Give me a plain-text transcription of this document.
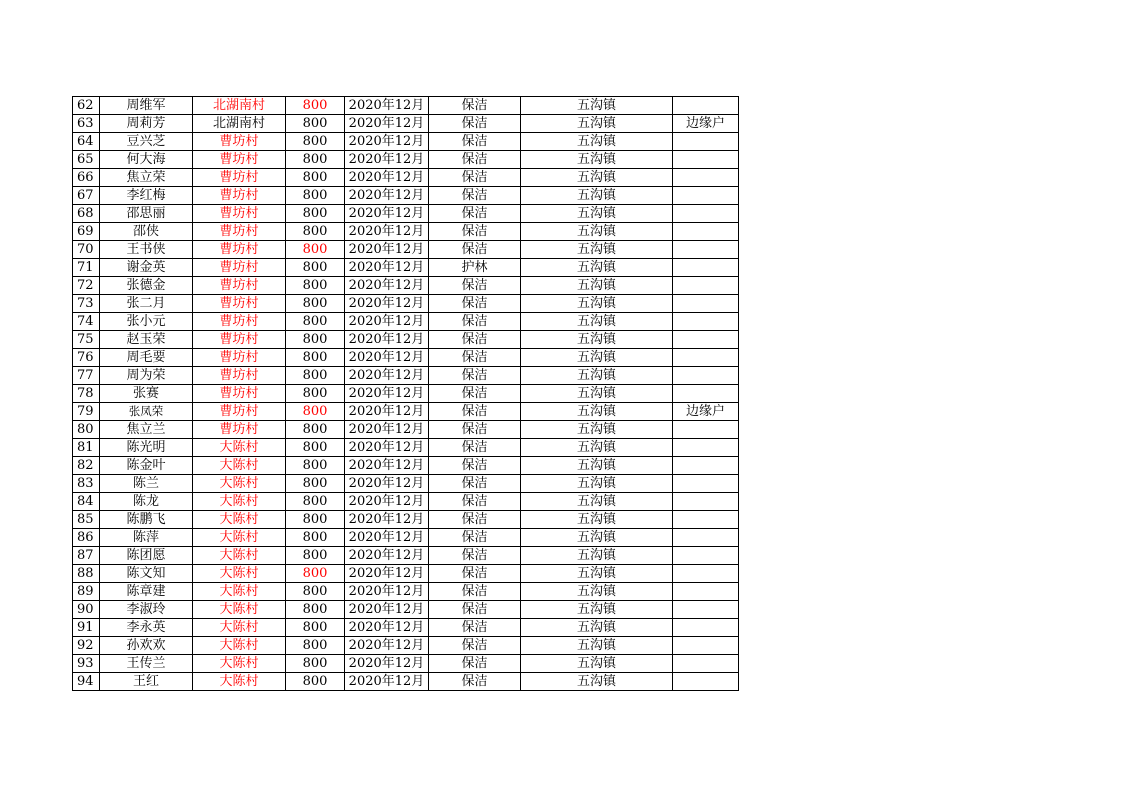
62	周维军	北湖南村	800	2020年12月	保洁	五沟镇	
63	周莉芳	北湖南村	800	2020年12月	保洁	五沟镇	边缘户
64	豆兴芝	曹坊村	800	2020年12月	保洁	五沟镇	
65	何大海	曹坊村	800	2020年12月	保洁	五沟镇	
66	焦立荣	曹坊村	800	2020年12月	保洁	五沟镇	
67	李红梅	曹坊村	800	2020年12月	保洁	五沟镇	
68	邵思丽	曹坊村	800	2020年12月	保洁	五沟镇	
69	邵侠	曹坊村	800	2020年12月	保洁	五沟镇	
70	王书侠	曹坊村	800	2020年12月	保洁	五沟镇	
71	谢金英	曹坊村	800	2020年12月	护林	五沟镇	
72	张德金	曹坊村	800	2020年12月	保洁	五沟镇	
73	张二月	曹坊村	800	2020年12月	保洁	五沟镇	
74	张小元	曹坊村	800	2020年12月	保洁	五沟镇	
75	赵玉荣	曹坊村	800	2020年12月	保洁	五沟镇	
76	周毛要	曹坊村	800	2020年12月	保洁	五沟镇	
77	周为荣	曹坊村	800	2020年12月	保洁	五沟镇	
78	张赛	曹坊村	800	2020年12月	保洁	五沟镇	
79	张凤荣	曹坊村	800	2020年12月	保洁	五沟镇	边缘户
80	焦立兰	曹坊村	800	2020年12月	保洁	五沟镇	
81	陈光明	大陈村	800	2020年12月	保洁	五沟镇	
82	陈金叶	大陈村	800	2020年12月	保洁	五沟镇	
83	陈兰	大陈村	800	2020年12月	保洁	五沟镇	
84	陈龙	大陈村	800	2020年12月	保洁	五沟镇	
85	陈鹏飞	大陈村	800	2020年12月	保洁	五沟镇	
86	陈萍	大陈村	800	2020年12月	保洁	五沟镇	
87	陈团愿	大陈村	800	2020年12月	保洁	五沟镇	
88	陈文知	大陈村	800	2020年12月	保洁	五沟镇	
89	陈章建	大陈村	800	2020年12月	保洁	五沟镇	
90	李淑玲	大陈村	800	2020年12月	保洁	五沟镇	
91	李永英	大陈村	800	2020年12月	保洁	五沟镇	
92	孙欢欢	大陈村	800	2020年12月	保洁	五沟镇	
93	王传兰	大陈村	800	2020年12月	保洁	五沟镇	
94	王红	大陈村	800	2020年12月	保洁	五沟镇	
